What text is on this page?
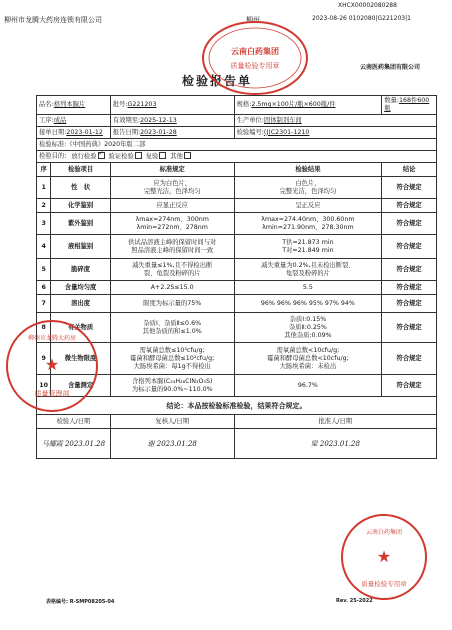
XHCX00002080288
柳州市龙腾大药房连锁有限公司	柳州	2023-08-26 0102080|G221203|1
云南医药集团有限公司
检验报告单
品名:格列本脲片		批号:G221203	规格:2.5mg×100片/瓶×600瓶/件	数量:168件600瓶
工序:成品		有效期至:2025-12-13	生产单位:固体制剂车间	
接单日期:2023-01-12		报告日期:2023-01-28	检验编号:(J)C2301-1210	
检验标准:《中国药典》2020年版二部				
检验目的: 放行检验 ✓ 验证检验 复验 其他
序	检验项目	标准规定	检验结果	结论
1	性　状	应为白色片，
完整光洁，色泽均匀	白色片，
完整光洁，色泽均匀	符合规定
2	化学鉴别	应显正反应	呈正反应	符合规定
3	紫外鉴别	λmax=274nm、300nm
λmin=272nm、278nm	λmax=274.40nm、300.60nm
λmin=271.90nm、278.30nm	符合规定
4	液相鉴别	供试品溶液主峰的保留时间与对
照品溶液主峰的保留时间一致	T供=21.873 min
T对=21.849 min	符合规定
5	脆碎度	减失重量≤1%,且不得检出断
裂、龟裂及粉碎的片	减失重量为0.2%,且未检出断裂、
龟裂及粉碎的片	符合规定
6	含量均匀度	A+2.2S≤15.0	5.5	符合规定
7	溶出度	限度为标示量的75%	96% 96% 96% 95% 97% 94%	符合规定
8	有关物质	杂质Ⅰ、杂质Ⅱ≤0.6%
其他杂质的和≤1.0%	杂质Ⅰ:0.15%
杂质Ⅱ:0.25%
其他杂质:0.09%	符合规定
9	微生物限度	需氧菌总数≤10³cfu/g;
霉菌和酵母菌总数≤10²cfu/g;
大肠埃希菌：每1g不得检出	需氧菌总数<10cfu/g;
霉菌和酵母菌总数<10cfu/g;
大肠埃希菌：未检出	符合规定
10	含量测定	含格列本脲(C₂₃H₂₈ClN₃O₅S)
为标示量的90.0%~110.0%	96.7%	符合规定
结论：本品按检验标准检验，结果符合规定。				
检验人/日期		复核人/日期	批准人/日期	
马耀霞 2023.01.28		谢 2023.01.28	梁 2023.01.28	
表格编号: R-SMP08205-04	Rev. 25-2022
云南白药集团
质量检验专用章
★
柳州市龙腾大药房
质量管理部
★
云南白药集团
质量检验专用章
